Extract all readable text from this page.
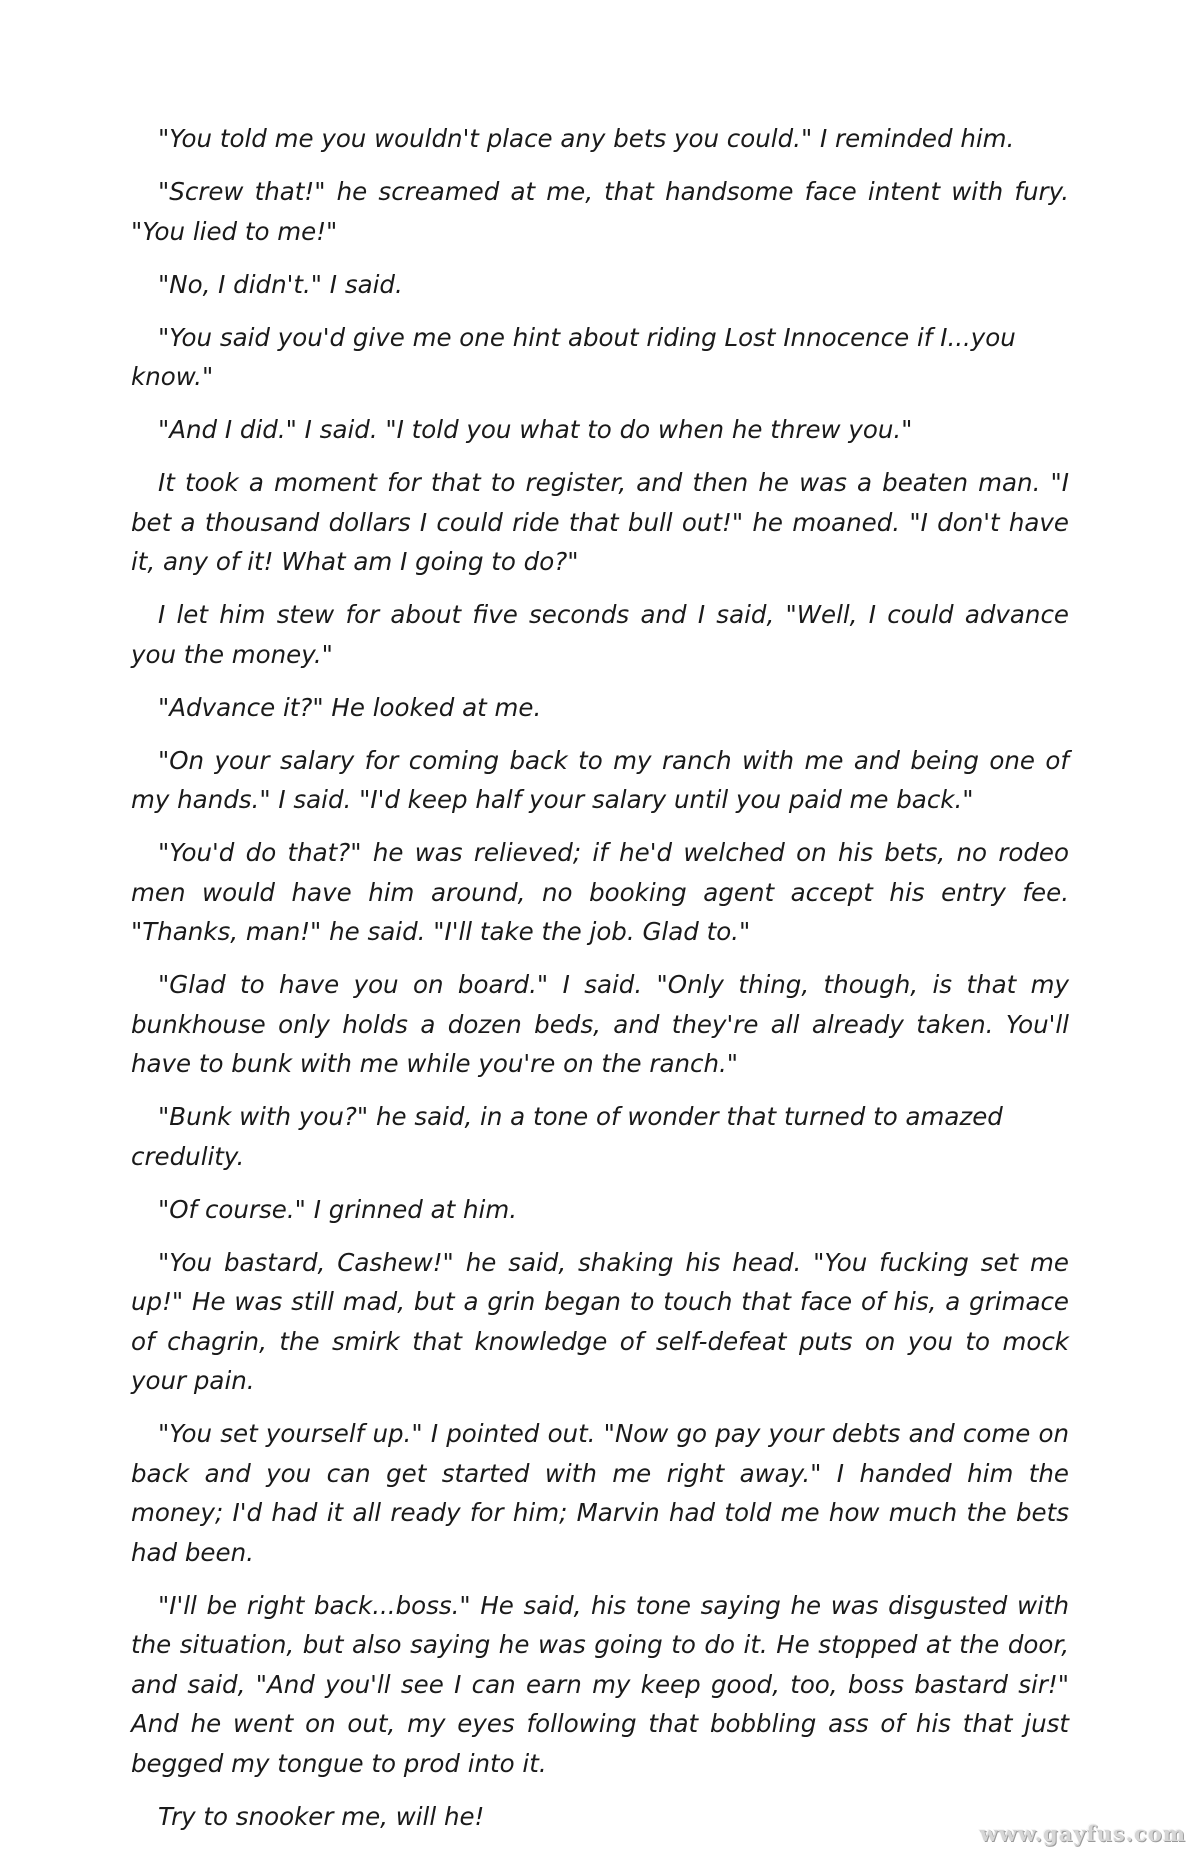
"You told me you wouldn't place any bets you could." I reminded him.

"Screw that!" he screamed at me, that handsome face intent with fury. "You lied to me!"

"No, I didn't." I said.

"You said you'd give me one hint about riding Lost Innocence if I...you know."

"And I did." I said. "I told you what to do when he threw you."

It took a moment for that to register, and then he was a beaten man. "I bet a thousand dollars I could ride that bull out!" he moaned. "I don't have it, any of it! What am I going to do?"

I let him stew for about five seconds and I said, "Well, I could advance you the money."

"Advance it?" He looked at me.

"On your salary for coming back to my ranch with me and being one of my hands." I said. "I'd keep half your salary until you paid me back."

"You'd do that?" he was relieved; if he'd welched on his bets, no rodeo men would have him around, no booking agent accept his entry fee. "Thanks, man!" he said. "I'll take the job. Glad to."

"Glad to have you on board." I said. "Only thing, though, is that my bunkhouse only holds a dozen beds, and they're all already taken. You'll have to bunk with me while you're on the ranch."

"Bunk with you?" he said, in a tone of wonder that turned to amazed credulity.

"Of course." I grinned at him.

"You bastard, Cashew!" he said, shaking his head. "You fucking set me up!" He was still mad, but a grin began to touch that face of his, a grimace of chagrin, the smirk that knowledge of self-defeat puts on you to mock your pain.

"You set yourself up." I pointed out. "Now go pay your debts and come on back and you can get started with me right away." I handed him the money; I'd had it all ready for him; Marvin had told me how much the bets had been.

"I'll be right back...boss." He said, his tone saying he was disgusted with the situation, but also saying he was going to do it. He stopped at the door, and said, "And you'll see I can earn my keep good, too, boss bastard sir!" And he went on out, my eyes following that bobbling ass of his that just begged my tongue to prod into it.

Try to snooker me, will he!

www.gayfus.com
